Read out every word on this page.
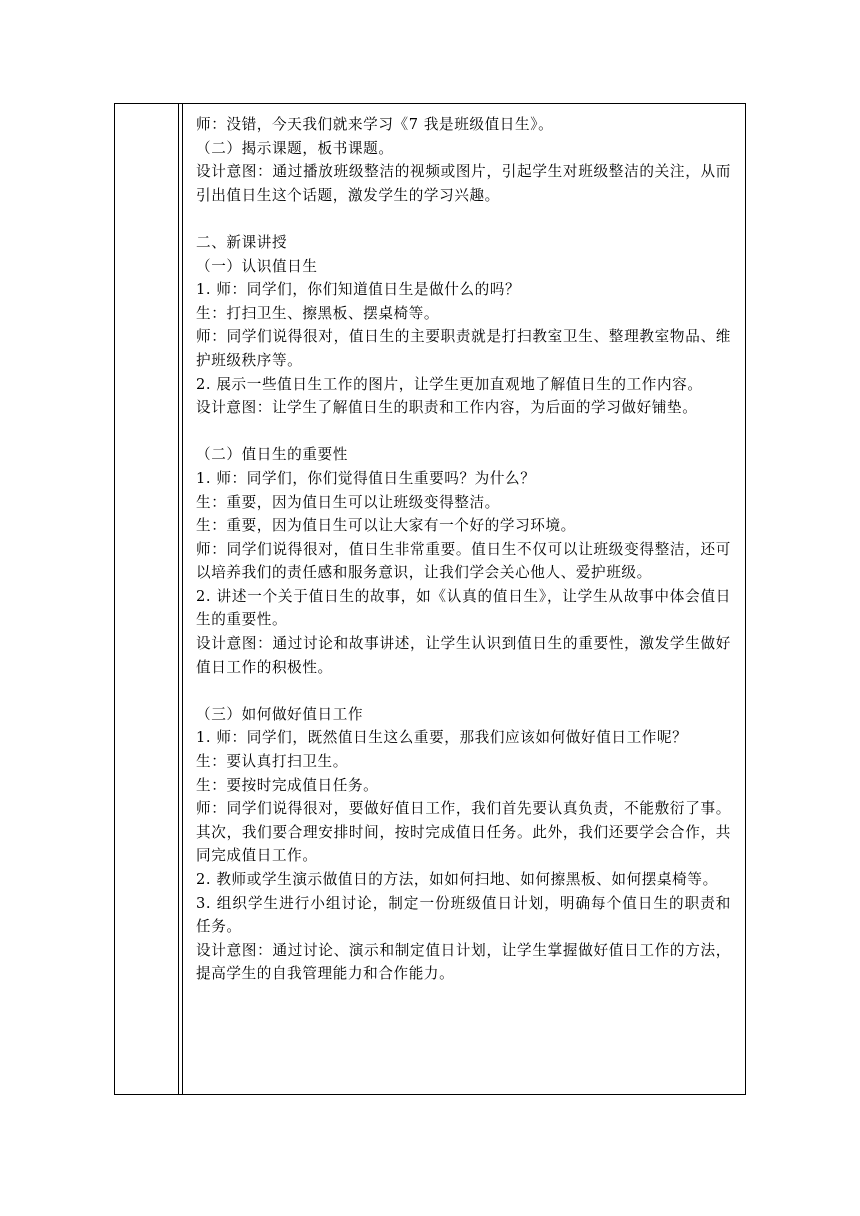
师：没错，今天我们就来学习《7 我是班级值日生》。
（二）揭示课题，板书课题。
设计意图：通过播放班级整洁的视频或图片，引起学生对班级整洁的关注，从而引出值日生这个话题，激发学生的学习兴趣。
二、新课讲授
（一）认识值日生
1. 师：同学们，你们知道值日生是做什么的吗？
生：打扫卫生、擦黑板、摆桌椅等。
师：同学们说得很对，值日生的主要职责就是打扫教室卫生、整理教室物品、维护班级秩序等。
2. 展示一些值日生工作的图片，让学生更加直观地了解值日生的工作内容。
设计意图：让学生了解值日生的职责和工作内容，为后面的学习做好铺垫。
（二）值日生的重要性
1. 师：同学们，你们觉得值日生重要吗？为什么？
生：重要，因为值日生可以让班级变得整洁。
生：重要，因为值日生可以让大家有一个好的学习环境。
师：同学们说得很对，值日生非常重要。值日生不仅可以让班级变得整洁，还可以培养我们的责任感和服务意识，让我们学会关心他人、爱护班级。
2. 讲述一个关于值日生的故事，如《认真的值日生》，让学生从故事中体会值日生的重要性。
设计意图：通过讨论和故事讲述，让学生认识到值日生的重要性，激发学生做好值日工作的积极性。
（三）如何做好值日工作
1. 师：同学们，既然值日生这么重要，那我们应该如何做好值日工作呢？
生：要认真打扫卫生。
生：要按时完成值日任务。
师：同学们说得很对，要做好值日工作，我们首先要认真负责，不能敷衍了事。其次，我们要合理安排时间，按时完成值日任务。此外，我们还要学会合作，共同完成值日工作。
2. 教师或学生演示做值日的方法，如如何扫地、如何擦黑板、如何摆桌椅等。
3. 组织学生进行小组讨论，制定一份班级值日计划，明确每个值日生的职责和任务。
设计意图：通过讨论、演示和制定值日计划，让学生掌握做好值日工作的方法，提高学生的自我管理能力和合作能力。
